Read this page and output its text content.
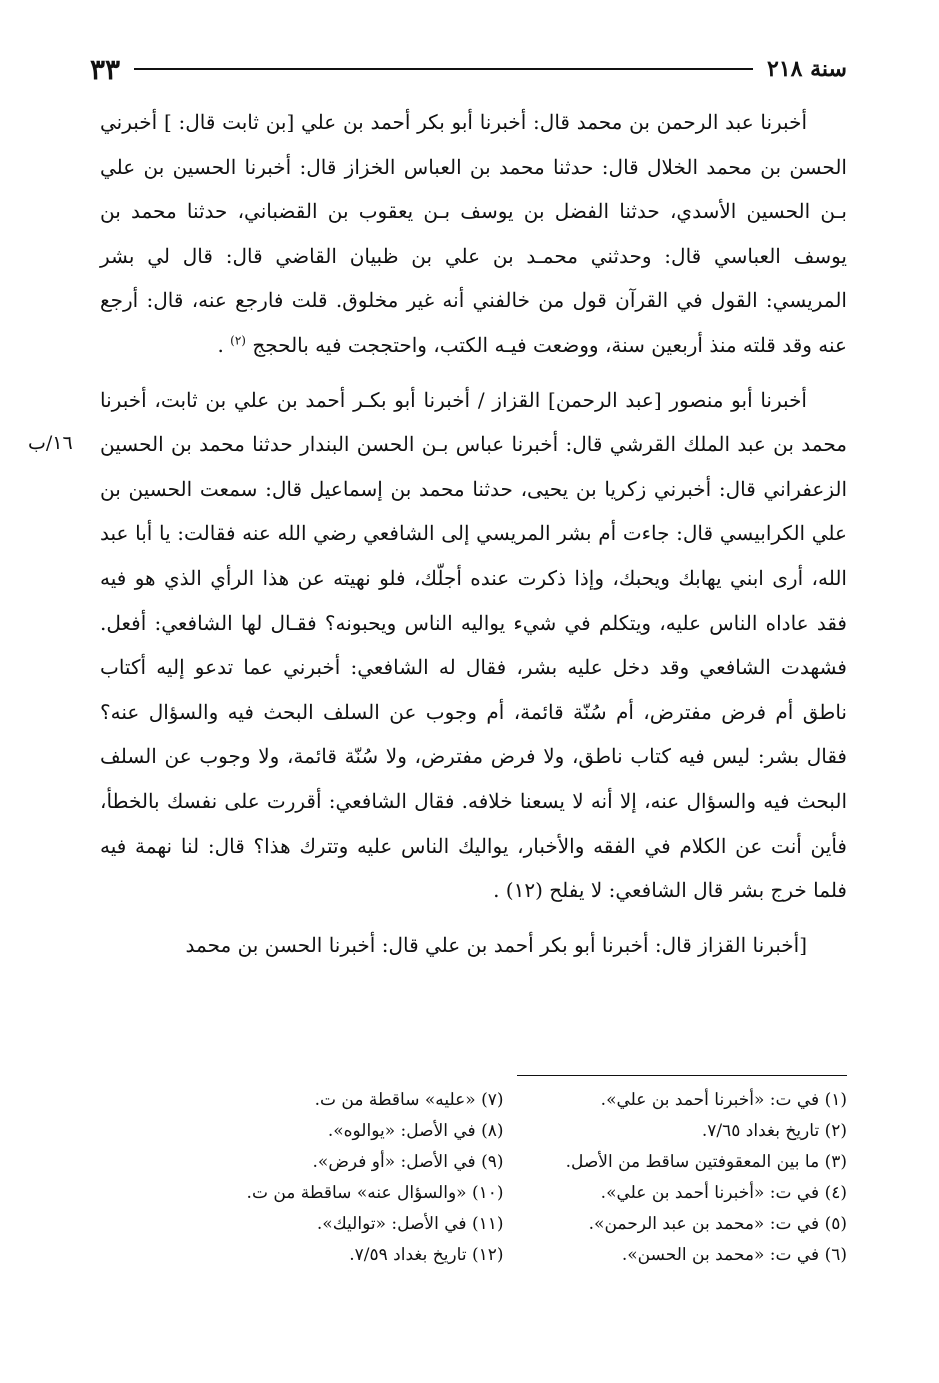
سنة ٢١٨
٣٣
١٦/ب

أخبرنا عبد الرحمن بن محمد قال: أخبرنا أبو بكر أحمد بن علي [بن ثابت قال: ] أخبرني الحسن بن محمد الخلال قال: حدثنا محمد بن العباس الخزاز قال: أخبرنا الحسين بن علي بـن الحسين الأسدي، حدثنا الفضل بن يوسف بـن يعقوب بن القضباني، حدثنا محمد بن يوسف العباسي قال: وحدثني محمـد بن علي بن ظبيان القاضي قال: قال لي بشر المريسي: القول في القرآن قول من خالفني أنه غير مخلوق. قلت فارجع عنه، قال: أرجع عنه وقد قلته منذ أربعين سنة، ووضعت فيـه الكتب، واحتججت فيه بالحجج $^{(٢)}$ .

أخبرنا أبو منصور [عبد الرحمن] القزاز / أخبرنا أبو بكـر أحمد بن علي بن ثابت، أخبرنا محمد بن عبد الملك القرشي قال: أخبرنا عباس بـن الحسن البندار حدثنا محمد بن الحسين الزعفراني قال: أخبرني زكريا بن يحيى، حدثنا محمد بن إسماعيل قال: سمعت الحسين بن علي الكرابيسي قال: جاءت أم بشر المريسي إلى الشافعي رضي الله عنه فقالت: يا أبا عبد الله، أرى ابني يهابك ويحبك، وإذا ذكرت عنده أجلّك، فلو نهيته عن هذا الرأي الذي هو فيه فقد عاداه الناس عليه، ويتكلم في شيء يواليه الناس ويحبونه؟ فقـال لها الشافعي: أفعل. فشهدت الشافعي وقد دخل عليه بشر، فقال له الشافعي: أخبرني عما تدعو إليه أكتاب ناطق أم فرض مفترض، أم سُنّة قائمة، أم وجوب عن السلف البحث فيه والسؤال عنه؟ فقال بشر: ليس فيه كتاب ناطق، ولا فرض مفترض، ولا سُنّة قائمة، ولا وجوب عن السلف البحث فيه والسؤال عنه، إلا أنه لا يسعنا خلافه. فقال الشافعي: أقررت على نفسك بالخطأ، فأين أنت عن الكلام في الفقه والأخبار، يواليك الناس عليه وتترك هذا؟ قال: لنا نهمة فيه فلما خرج بشر قال الشافعي: لا يفلح (١٢) .

[أخبرنا القزاز قال: أخبرنا أبو بكر أحمد بن علي قال: أخبرنا الحسن بن محمد

(١) في ت: «أخبرنا أحمد بن علي».
(٢) تاريخ بغداد ٧/٦٥.
(٣) ما بين المعقوفتين ساقط من الأصل.
(٤) في ت: «أخبرنا أحمد بن علي».
(٥) في ت: «محمد بن عبد الرحمن».
(٦) في ت: «محمد بن الحسن».
(٧) «عليه» ساقطة من ت.
(٨) في الأصل: «يوالوه».
(٩) في الأصل: «أو فرض».
(١٠) «والسؤال عنه» ساقطة من ت.
(١١) في الأصل: «تواليك».
(١٢) تاريخ بغداد ٧/٥٩.
